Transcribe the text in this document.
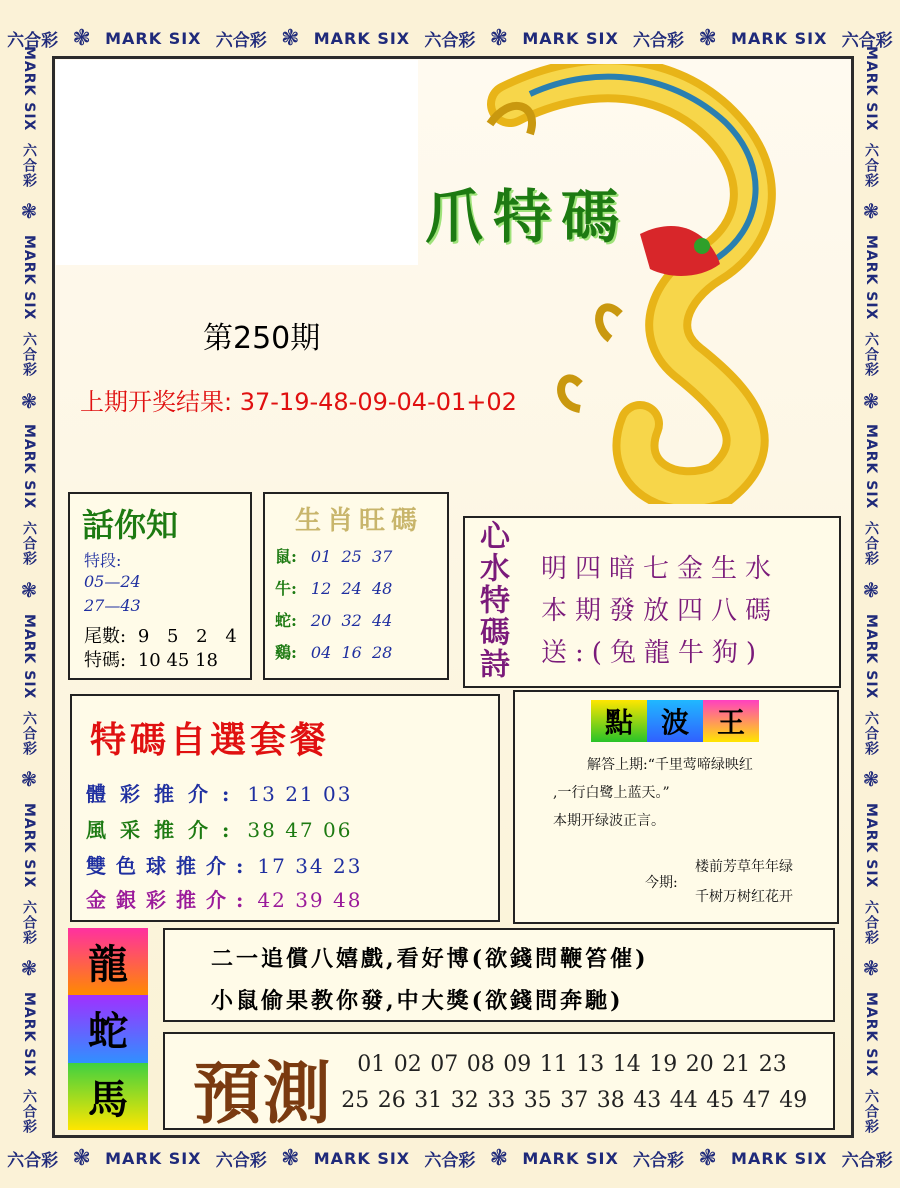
六合彩 ❃ MARK SIX 六合彩 ❃ MARK SIX 六合彩 ❃ MARK SIX 六合彩 ❃ MARK SIX 六合彩
六合彩 ❃ MARK SIX 六合彩 ❃ MARK SIX 六合彩 ❃ MARK SIX 六合彩 ❃ MARK SIX 六合彩
MARK SIX
六合彩
❃
MARK SIX
六合彩
❃
MARK SIX
六合彩
❃
MARK SIX
六合彩
❃
MARK SIX
六合彩
❃
MARK SIX
六合彩
MARK SIX
六合彩
❃
MARK SIX
六合彩
❃
MARK SIX
六合彩
❃
MARK SIX
六合彩
❃
MARK SIX
六合彩
❃
MARK SIX
六合彩
爪特碼
第250期
上期开奖结果: 37-19-48-09-04-01+02
話你知
特段:
05—24
27—43
尾數: 9 5 2 4
特碼: 10 45 18
生肖旺碼
鼠: 01  25  37
牛: 12  24  48
蛇: 20  32  44
鷄: 04  16  28	心水特碼詩 明四暗七金生水
本期發放四八碼
送:(兔龍牛狗)
特碼自選套餐
體彩推介: 13 21 03
風采推介: 38 47 06
雙色球推介: 17 34 23
金銀彩推介: 42 39 48
點 波 王
解答上期:“千里莺啼绿映红
,一行白鹭上蓝天。”
本期开绿波正言。
楼前芳草年年绿
今期:
千树万树红花开
龍
蛇
馬
二一追償八嬉戲,看好博(欲錢問鞭笞催)
小鼠偷果教你發,中大獎(欲錢問奔馳)
預測 01 02 07 08 09 11 13 14 19 20 21 23
25 26 31 32 33 35 37 38 43 44 45 47 49
